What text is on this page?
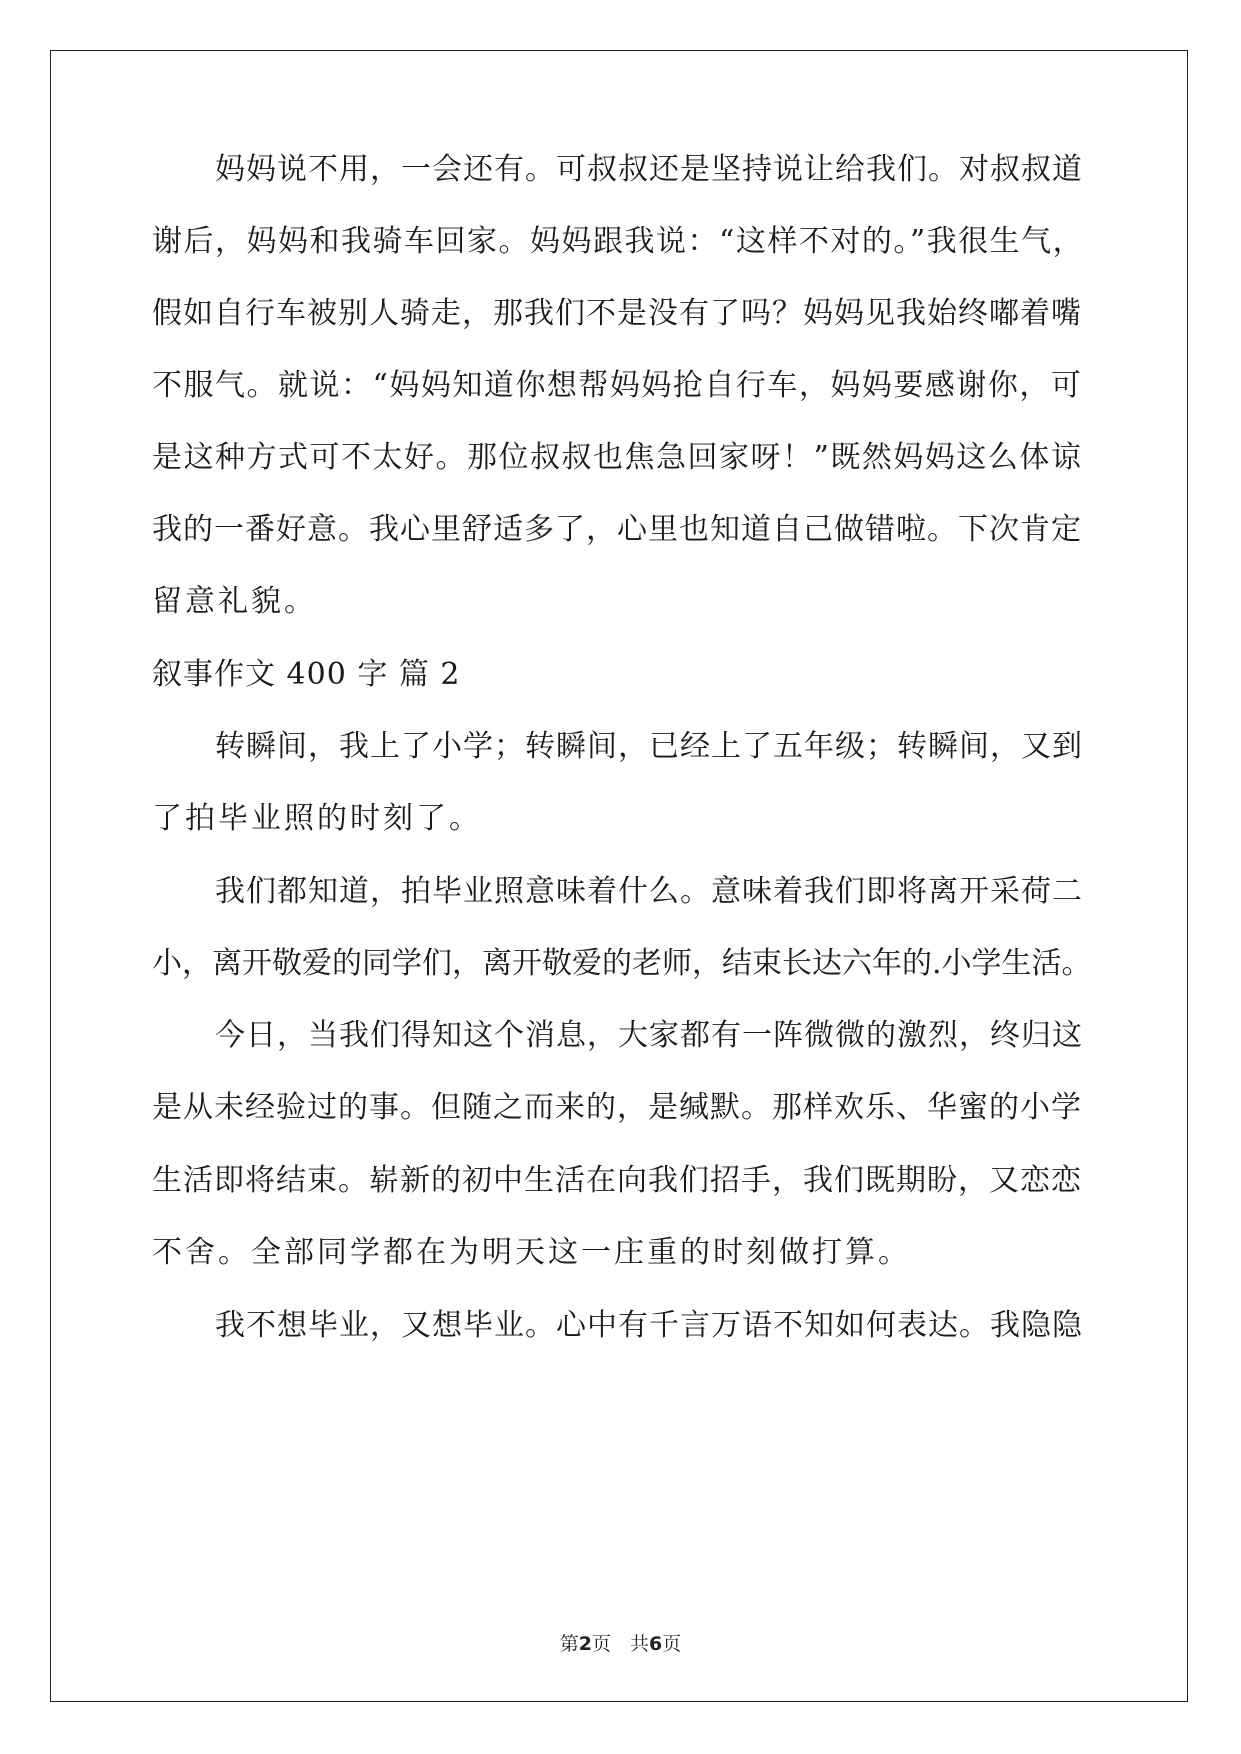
妈妈说不用，一会还有。可叔叔还是坚持说让给我们。对叔叔道
谢后，妈妈和我骑车回家。妈妈跟我说：“这样不对的。”我很生气，
假如自行车被别人骑走，那我们不是没有了吗？妈妈见我始终嘟着嘴
不服气。就说：“妈妈知道你想帮妈妈抢自行车，妈妈要感谢你，可
是这种方式可不太好。那位叔叔也焦急回家呀！”既然妈妈这么体谅
我的一番好意。我心里舒适多了，心里也知道自己做错啦。下次肯定
留意礼貌。
叙事作文 400 字 篇 2
转瞬间，我上了小学；转瞬间，已经上了五年级；转瞬间，又到
了拍毕业照的时刻了。
我们都知道，拍毕业照意味着什么。意味着我们即将离开采荷二
小，离开敬爱的同学们，离开敬爱的老师，结束长达六年的.小学生活。
今日，当我们得知这个消息，大家都有一阵微微的激烈，终归这
是从未经验过的事。但随之而来的，是缄默。那样欢乐、华蜜的小学
生活即将结束。崭新的初中生活在向我们招手，我们既期盼，又恋恋
不舍。全部同学都在为明天这一庄重的时刻做打算。
我不想毕业，又想毕业。心中有千言万语不知如何表达。我隐隐
第2页　共6页
